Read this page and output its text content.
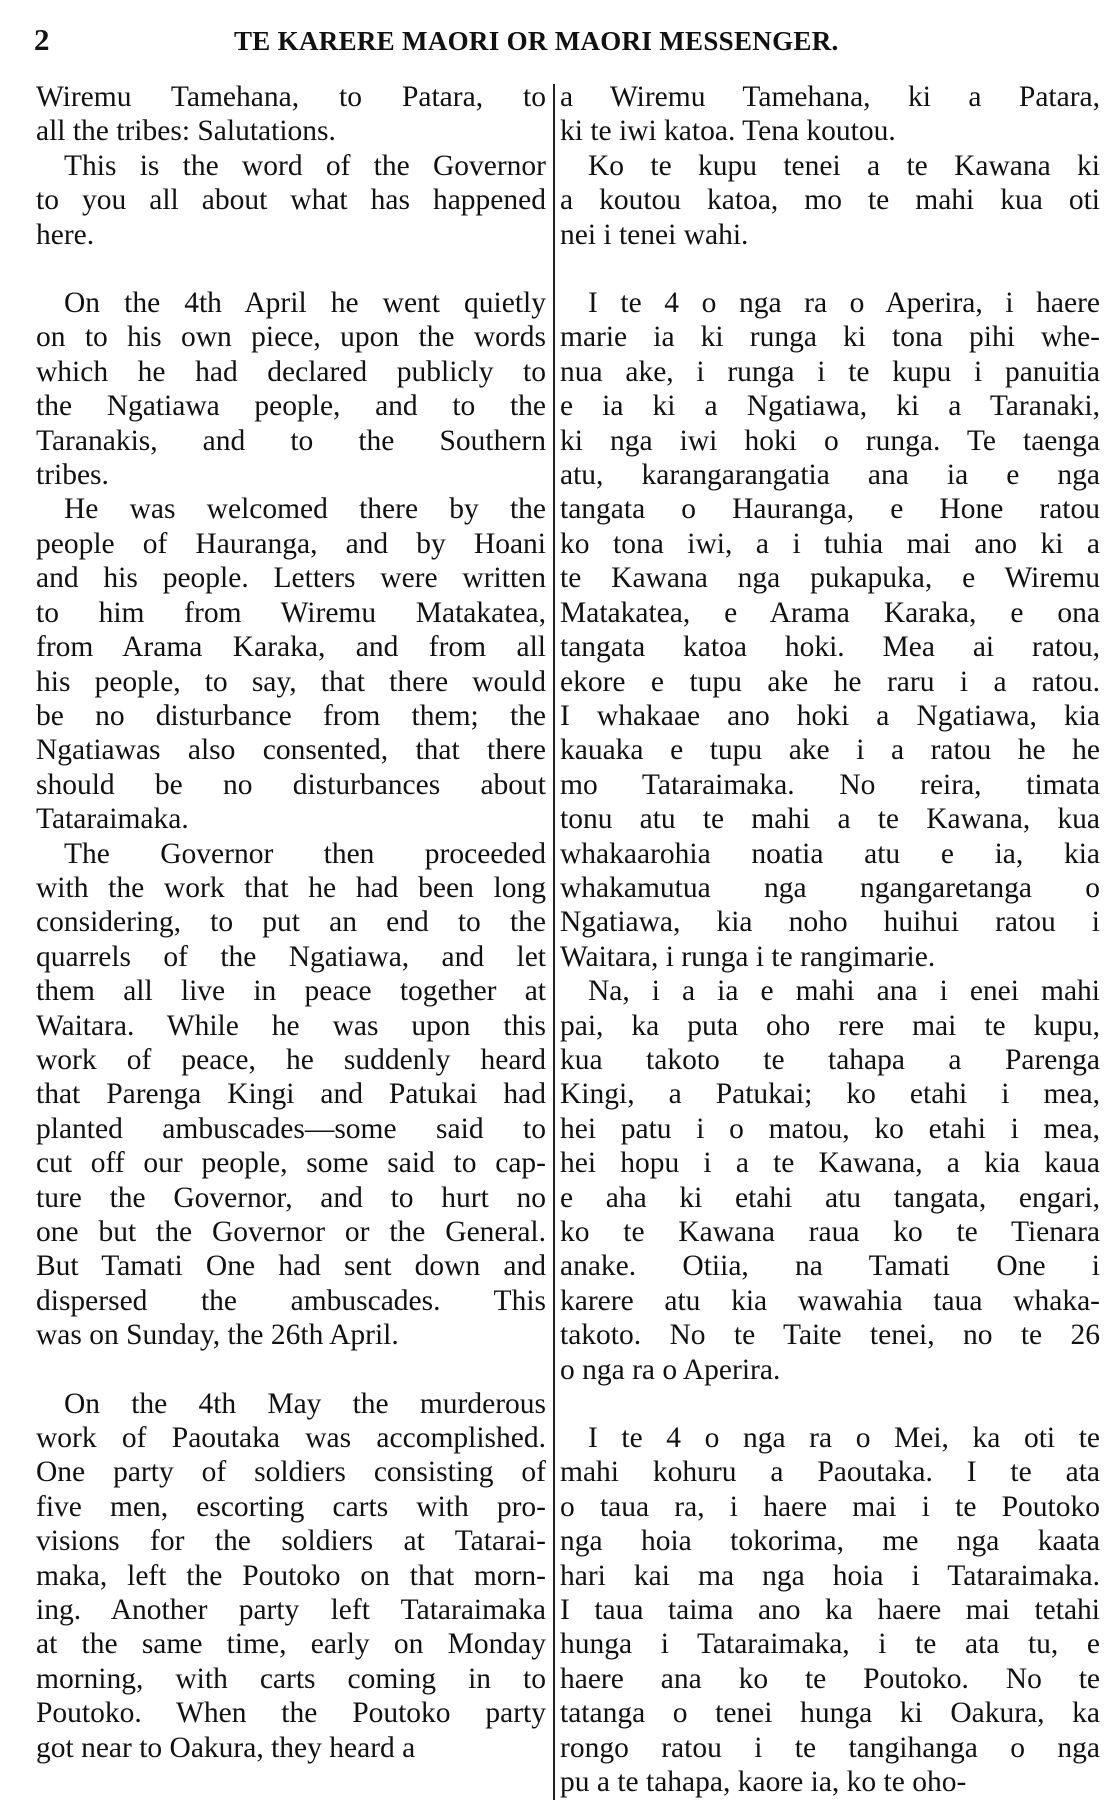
2	TE KARERE MAORI OR MAORI MESSENGER.

Wiremu Tamehana, to Patara, to
all the tribes: Salutations.

This is the word of the Governor
to you all about what has happened
here.

On the 4th April he went quietly
on to his own piece, upon the words
which he had declared publicly to
the Ngatiawa people, and to the
Taranakis, and to the Southern
tribes.

He was welcomed there by the
people of Hauranga, and by Hoani
and his people. Letters were written
to him from Wiremu Matakatea,
from Arama Karaka, and from all
his people, to say, that there would
be no disturbance from them; the
Ngatiawas also consented, that there
should be no disturbances about
Tataraimaka.

The Governor then proceeded
with the work that he had been long
considering, to put an end to the
quarrels of the Ngatiawa, and let
them all live in peace together at
Waitara. While he was upon this
work of peace, he suddenly heard
that Parenga Kingi and Patukai had
planted ambuscades—some said to
cut off our people, some said to cap-
ture the Governor, and to hurt no
one but the Governor or the General.
But Tamati One had sent down and
dispersed the ambuscades. This
was on Sunday, the 26th April.

On the 4th May the murderous
work of Paoutaka was accomplished.
One party of soldiers consisting of
five men, escorting carts with pro-
visions for the soldiers at Tatarai-
maka, left the Poutoko on that morn-
ing. Another party left Tataraimaka
at the same time, early on Monday
morning, with carts coming in to
Poutoko. When the Poutoko party
got near to Oakura, they heard a

a Wiremu Tamehana, ki a Patara,
ki te iwi katoa. Tena koutou.

Ko te kupu tenei a te Kawana ki
a koutou katoa, mo te mahi kua oti
nei i tenei wahi.

I te 4 o nga ra o Aperira, i haere
marie ia ki runga ki tona pihi whe-
nua ake, i runga i te kupu i panuitia
e ia ki a Ngatiawa, ki a Taranaki,
ki nga iwi hoki o runga. Te taenga
atu, karangarangatia ana ia e nga
tangata o Hauranga, e Hone ratou
ko tona iwi, a i tuhia mai ano ki a
te Kawana nga pukapuka, e Wiremu
Matakatea, e Arama Karaka, e ona
tangata katoa hoki. Mea ai ratou,
ekore e tupu ake he raru i a ratou.
I whakaae ano hoki a Ngatiawa, kia
kauaka e tupu ake i a ratou he he
mo Tataraimaka. No reira, timata
tonu atu te mahi a te Kawana, kua
whakaarohia noatia atu e ia, kia
whakamutua nga ngangaretanga o
Ngatiawa, kia noho huihui ratou i
Waitara, i runga i te rangimarie.

Na, i a ia e mahi ana i enei mahi
pai, ka puta oho rere mai te kupu,
kua takoto te tahapa a Parenga
Kingi, a Patukai; ko etahi i mea,
hei patu i o matou, ko etahi i mea,
hei hopu i a te Kawana, a kia kaua
e aha ki etahi atu tangata, engari,
ko te Kawana raua ko te Tienara
anake. Otiia, na Tamati One i
karere atu kia wawahia taua whaka-
takoto. No te Taite tenei, no te 26
o nga ra o Aperira.

I te 4 o nga ra o Mei, ka oti te
mahi kohuru a Paoutaka. I te ata
o taua ra, i haere mai i te Poutoko
nga hoia tokorima, me nga kaata
hari kai ma nga hoia i Tataraimaka.
I taua taima ano ka haere mai tetahi
hunga i Tataraimaka, i te ata tu, e
haere ana ko te Poutoko. No te
tatanga o tenei hunga ki Oakura, ka
rongo ratou i te tangihanga o nga
pu a te tahapa, kaore ia, ko te oho-
